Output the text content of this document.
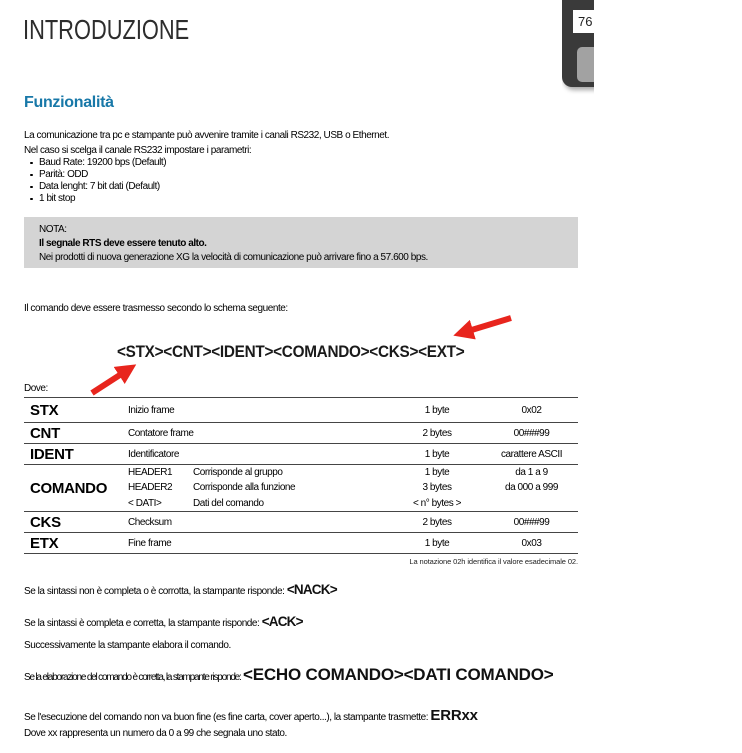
INTRODUZIONE	76
Funzionalità
La comunicazione tra pc e stampante può avvenire tramite i canali RS232, USB o Ethernet.
Nel caso si scelga il canale RS232 impostare i parametri:
Baud Rate: 19200 bps (Default)
Parità: ODD
Data lenght: 7 bit dati (Default)
1 bit stop
NOTA:
Il segnale RTS deve essere tenuto alto.
Nei prodotti di nuova generazione XG la velocità di comunicazione può arrivare fino a 57.600 bps.
Il comando deve essere trasmesso secondo lo schema seguente:
<STX><CNT><IDENT><COMANDO><CKS><EXT>
Dove:
STX	Inizio frame	1 byte	0x02
CNT	Contatore frame	2 bytes	00###99
IDENT	Identificatore	1 byte	carattere ASCII
COMANDO
HEADER1	Corrisponde al gruppo	1 byte	da 1 a 9
HEADER2	Corrisponde alla funzione	3 bytes	da 000 a 999
< DATI>	Dati del comando	< n° bytes >
CKS	Checksum	2 bytes	00###99
ETX	Fine frame	1 byte	0x03
La notazione 02h identifica il valore esadecimale 02.
Se la sintassi non è completa o è corrotta, la stampante risponde: <NACK>
Se la sintassi è completa e corretta, la stampante risponde: <ACK>
Successivamente la stampante elabora il comando.
Se la elaborazione del comando è corretta, la stampante risponde: <ECHO COMANDO><DATI COMANDO>
Se l'esecuzione del comando non va buon fine (es fine carta, cover aperto...), la stampante trasmette: ERRxx
Dove xx rappresenta un numero da 0 a 99 che segnala uno stato.
